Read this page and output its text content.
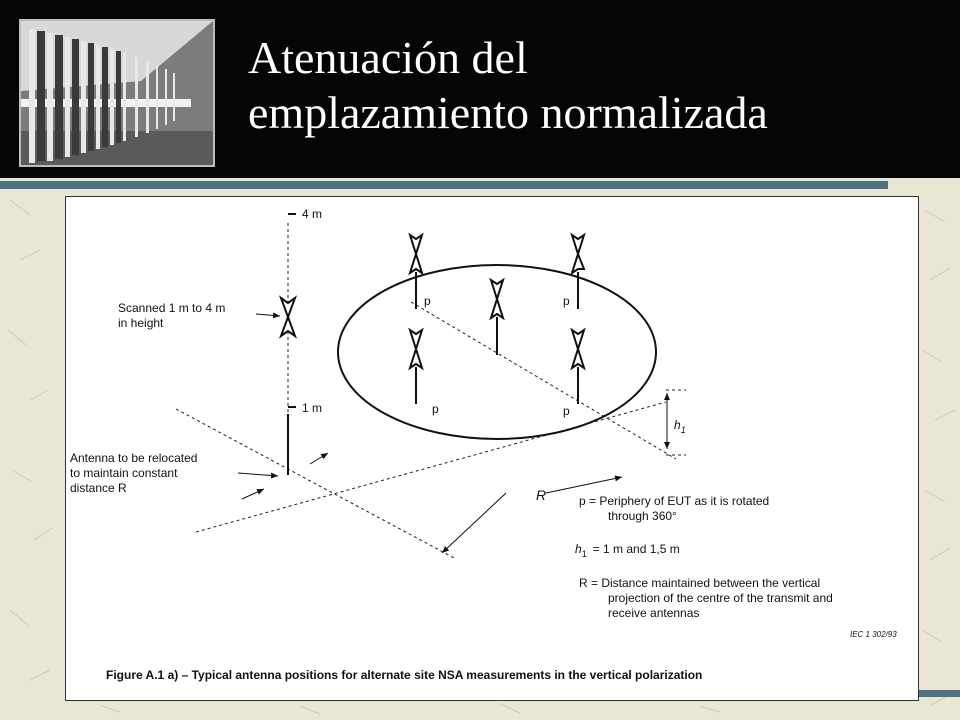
Atenuación del
emplazamiento normalizada
4 m
1 m
Scanned 1 m to 4 m
in height
Antenna to be relocated
to maintain constant
distance R
p	p
p	p
$h_1$
R	p = Periphery of EUT as it is rotated
through 360°
$h_1 = 1$ m and 1,5 m
R = Distance maintained between the vertical
projection of the centre of the transmit and
receive antennas
IEC 1 302/93
Figure A.1 a) – Typical antenna positions for alternate site NSA measurements in the vertical polarization
